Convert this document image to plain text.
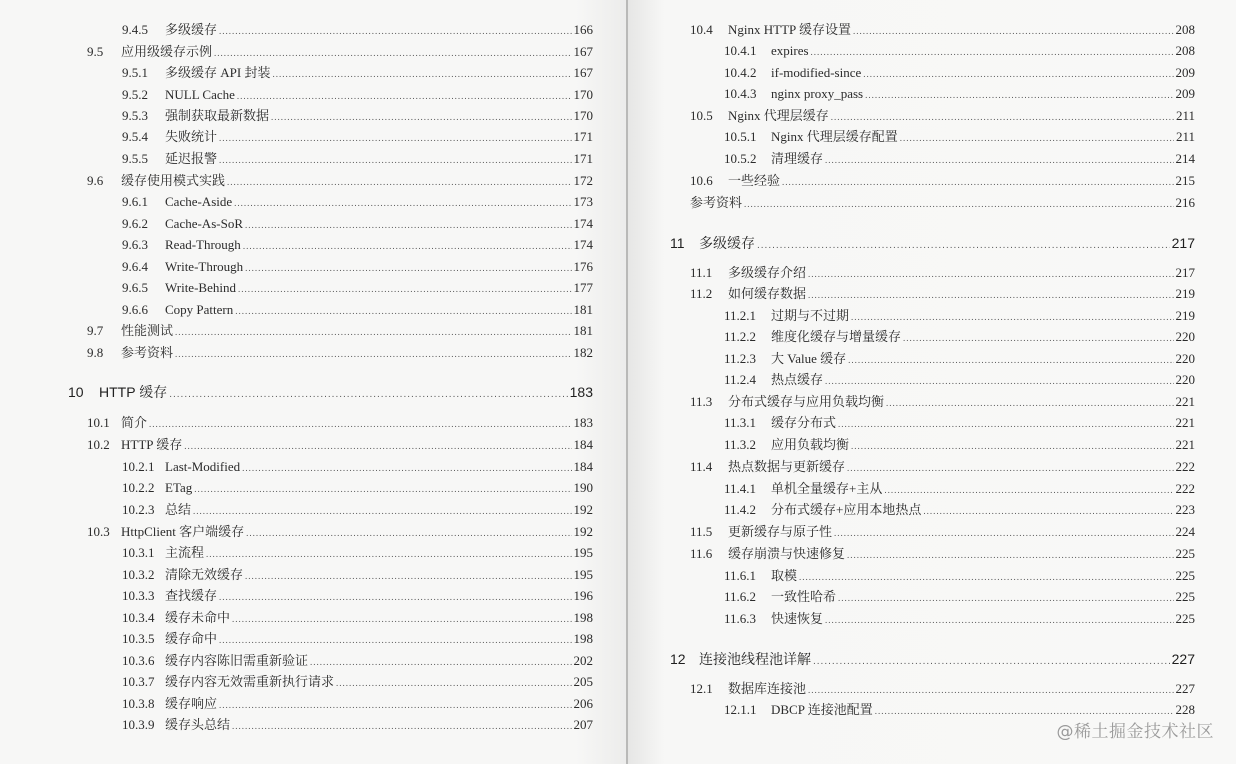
9.4.5	多级缓存 .....	166
9.5	应用级缓存示例 .....	167
9.5.1	多级缓存 API 封装 .....	167
9.5.2	NULL Cache .....	170
9.5.3	强制获取最新数据 .....	170
9.5.4	失败统计 .....	171
9.5.5	延迟报警 .....	171
9.6	缓存使用模式实践 .....	172
9.6.1	Cache-Aside .....	173
9.6.2	Cache-As-SoR .....	174
9.6.3	Read-Through .....	174
9.6.4	Write-Through .....	176
9.6.5	Write-Behind .....	177
9.6.6	Copy Pattern .....	181
9.7	性能测试 .....	181
9.8	参考资料 .....	182
10	HTTP 缓存 .....	183
10.1 简介 .....	183
10.2 HTTP 缓存 .....	184
10.2.1 Last-Modified .....	184
10.2.2 ETag .....	190
10.2.3 总结 .....	192
10.3 HttpClient 客户端缓存 .....	192
10.3.1 主流程 .....	195
10.3.2 清除无效缓存 .....	195
10.3.3 查找缓存 .....	196
10.3.4 缓存未命中 .....	198
10.3.5 缓存命中 .....	198
10.3.6 缓存内容陈旧需重新验证 .....	202
10.3.7 缓存内容无效需重新执行请求 .....	205
10.3.8 缓存响应 .....	206
10.3.9 缓存头总结 .....	207
10.4	Nginx HTTP 缓存设置 .....	208
10.4.1	expires .....	208
10.4.2	if-modified-since .....	209
10.4.3	nginx proxy_pass .....	209
10.5	Nginx 代理层缓存 .....	211
10.5.1	Nginx 代理层缓存配置 .....	211
10.5.2	清理缓存 .....	214
10.6	一些经验 .....	215
参考资料 .....	216
11	多级缓存 .....	217
11.1	多级缓存介绍 .....	217
11.2	如何缓存数据 .....	219
11.2.1	过期与不过期 .....	219
11.2.2	维度化缓存与增量缓存 .....	220
11.2.3	大 Value 缓存 .....	220
11.2.4	热点缓存 .....	220
11.3	分布式缓存与应用负载均衡 .....	221
11.3.1	缓存分布式 .....	221
11.3.2	应用负载均衡 .....	221
11.4	热点数据与更新缓存 .....	222
11.4.1	单机全量缓存+主从 .....	222
11.4.2	分布式缓存+应用本地热点 .....	223
11.5	更新缓存与原子性 .....	224
11.6	缓存崩溃与快速修复 .....	225
11.6.1	取模 .....	225
11.6.2	一致性哈希 .....	225
11.6.3	快速恢复 .....	225
12 连接池线程池详解 .....	227
12.1	数据库连接池 .....	227
12.1.1	DBCP 连接池配置 .....	228
@稀土掘金技术社区
